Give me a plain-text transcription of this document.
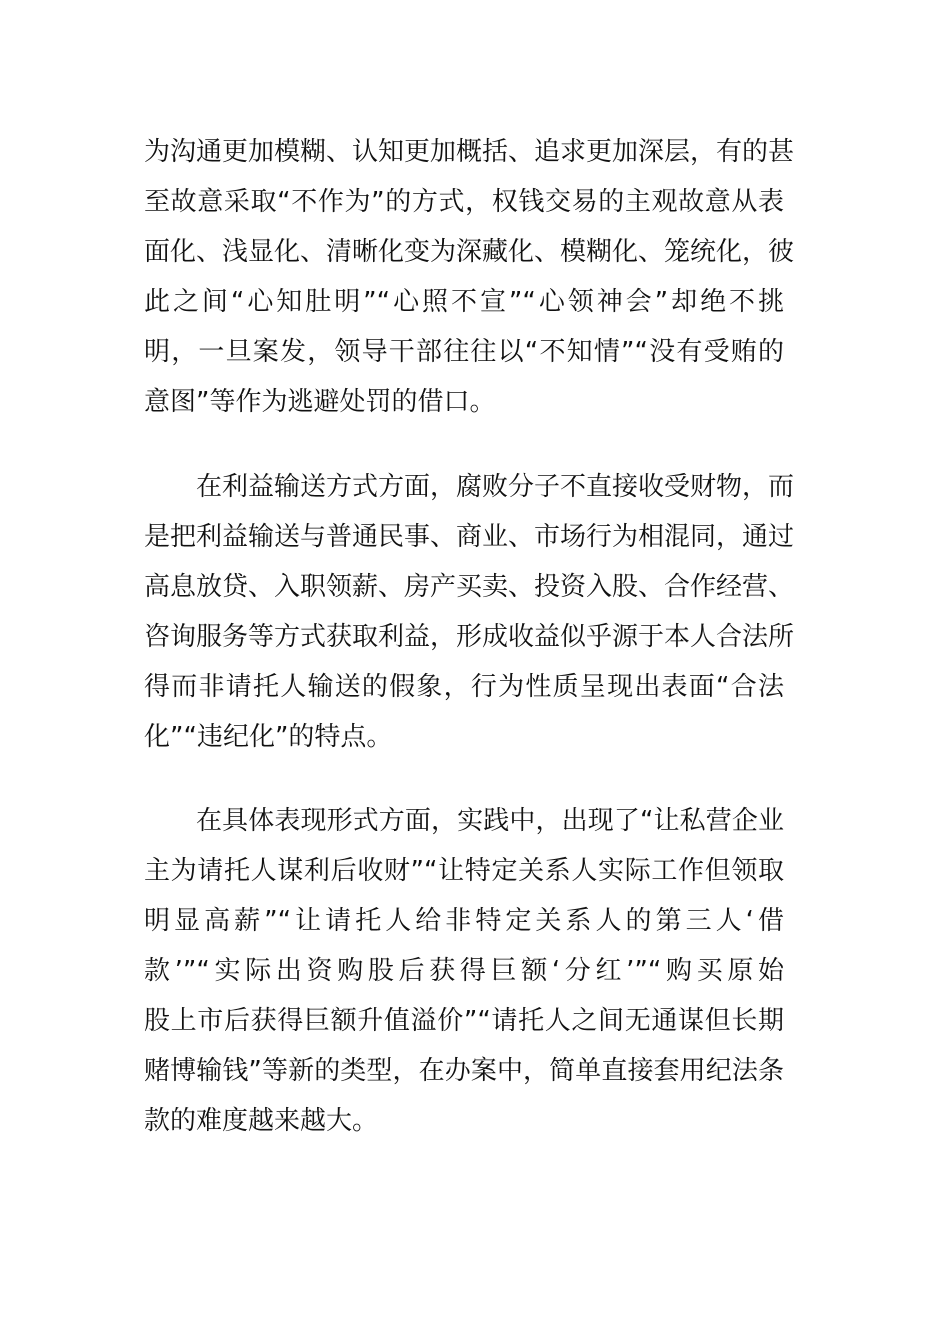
为沟通更加模糊、认知更加概括、追求更加深层，有的甚
至故意采取“不作为”的方式，权钱交易的主观故意从表
面化、浅显化、清晰化变为深藏化、模糊化、笼统化，彼
此之间“心知肚明”“心照不宣”“心领神会”却绝不挑
明，一旦案发，领导干部往往以“不知情”“没有受贿的
意图”等作为逃避处罚的借口。
在利益输送方式方面，腐败分子不直接收受财物，而
是把利益输送与普通民事、商业、市场行为相混同，通过
高息放贷、入职领薪、房产买卖、投资入股、合作经营、
咨询服务等方式获取利益，形成收益似乎源于本人合法所
得而非请托人输送的假象，行为性质呈现出表面“合法
化”“违纪化”的特点。
在具体表现形式方面，实践中，出现了“让私营企业
主为请托人谋利后收财”“让特定关系人实际工作但领取
明显高薪”“让请托人给非特定关系人的第三人‘借
款’”“实际出资购股后获得巨额‘分红’”“购买原始
股上市后获得巨额升值溢价”“请托人之间无通谋但长期
赌博输钱”等新的类型，在办案中，简单直接套用纪法条
款的难度越来越大。
